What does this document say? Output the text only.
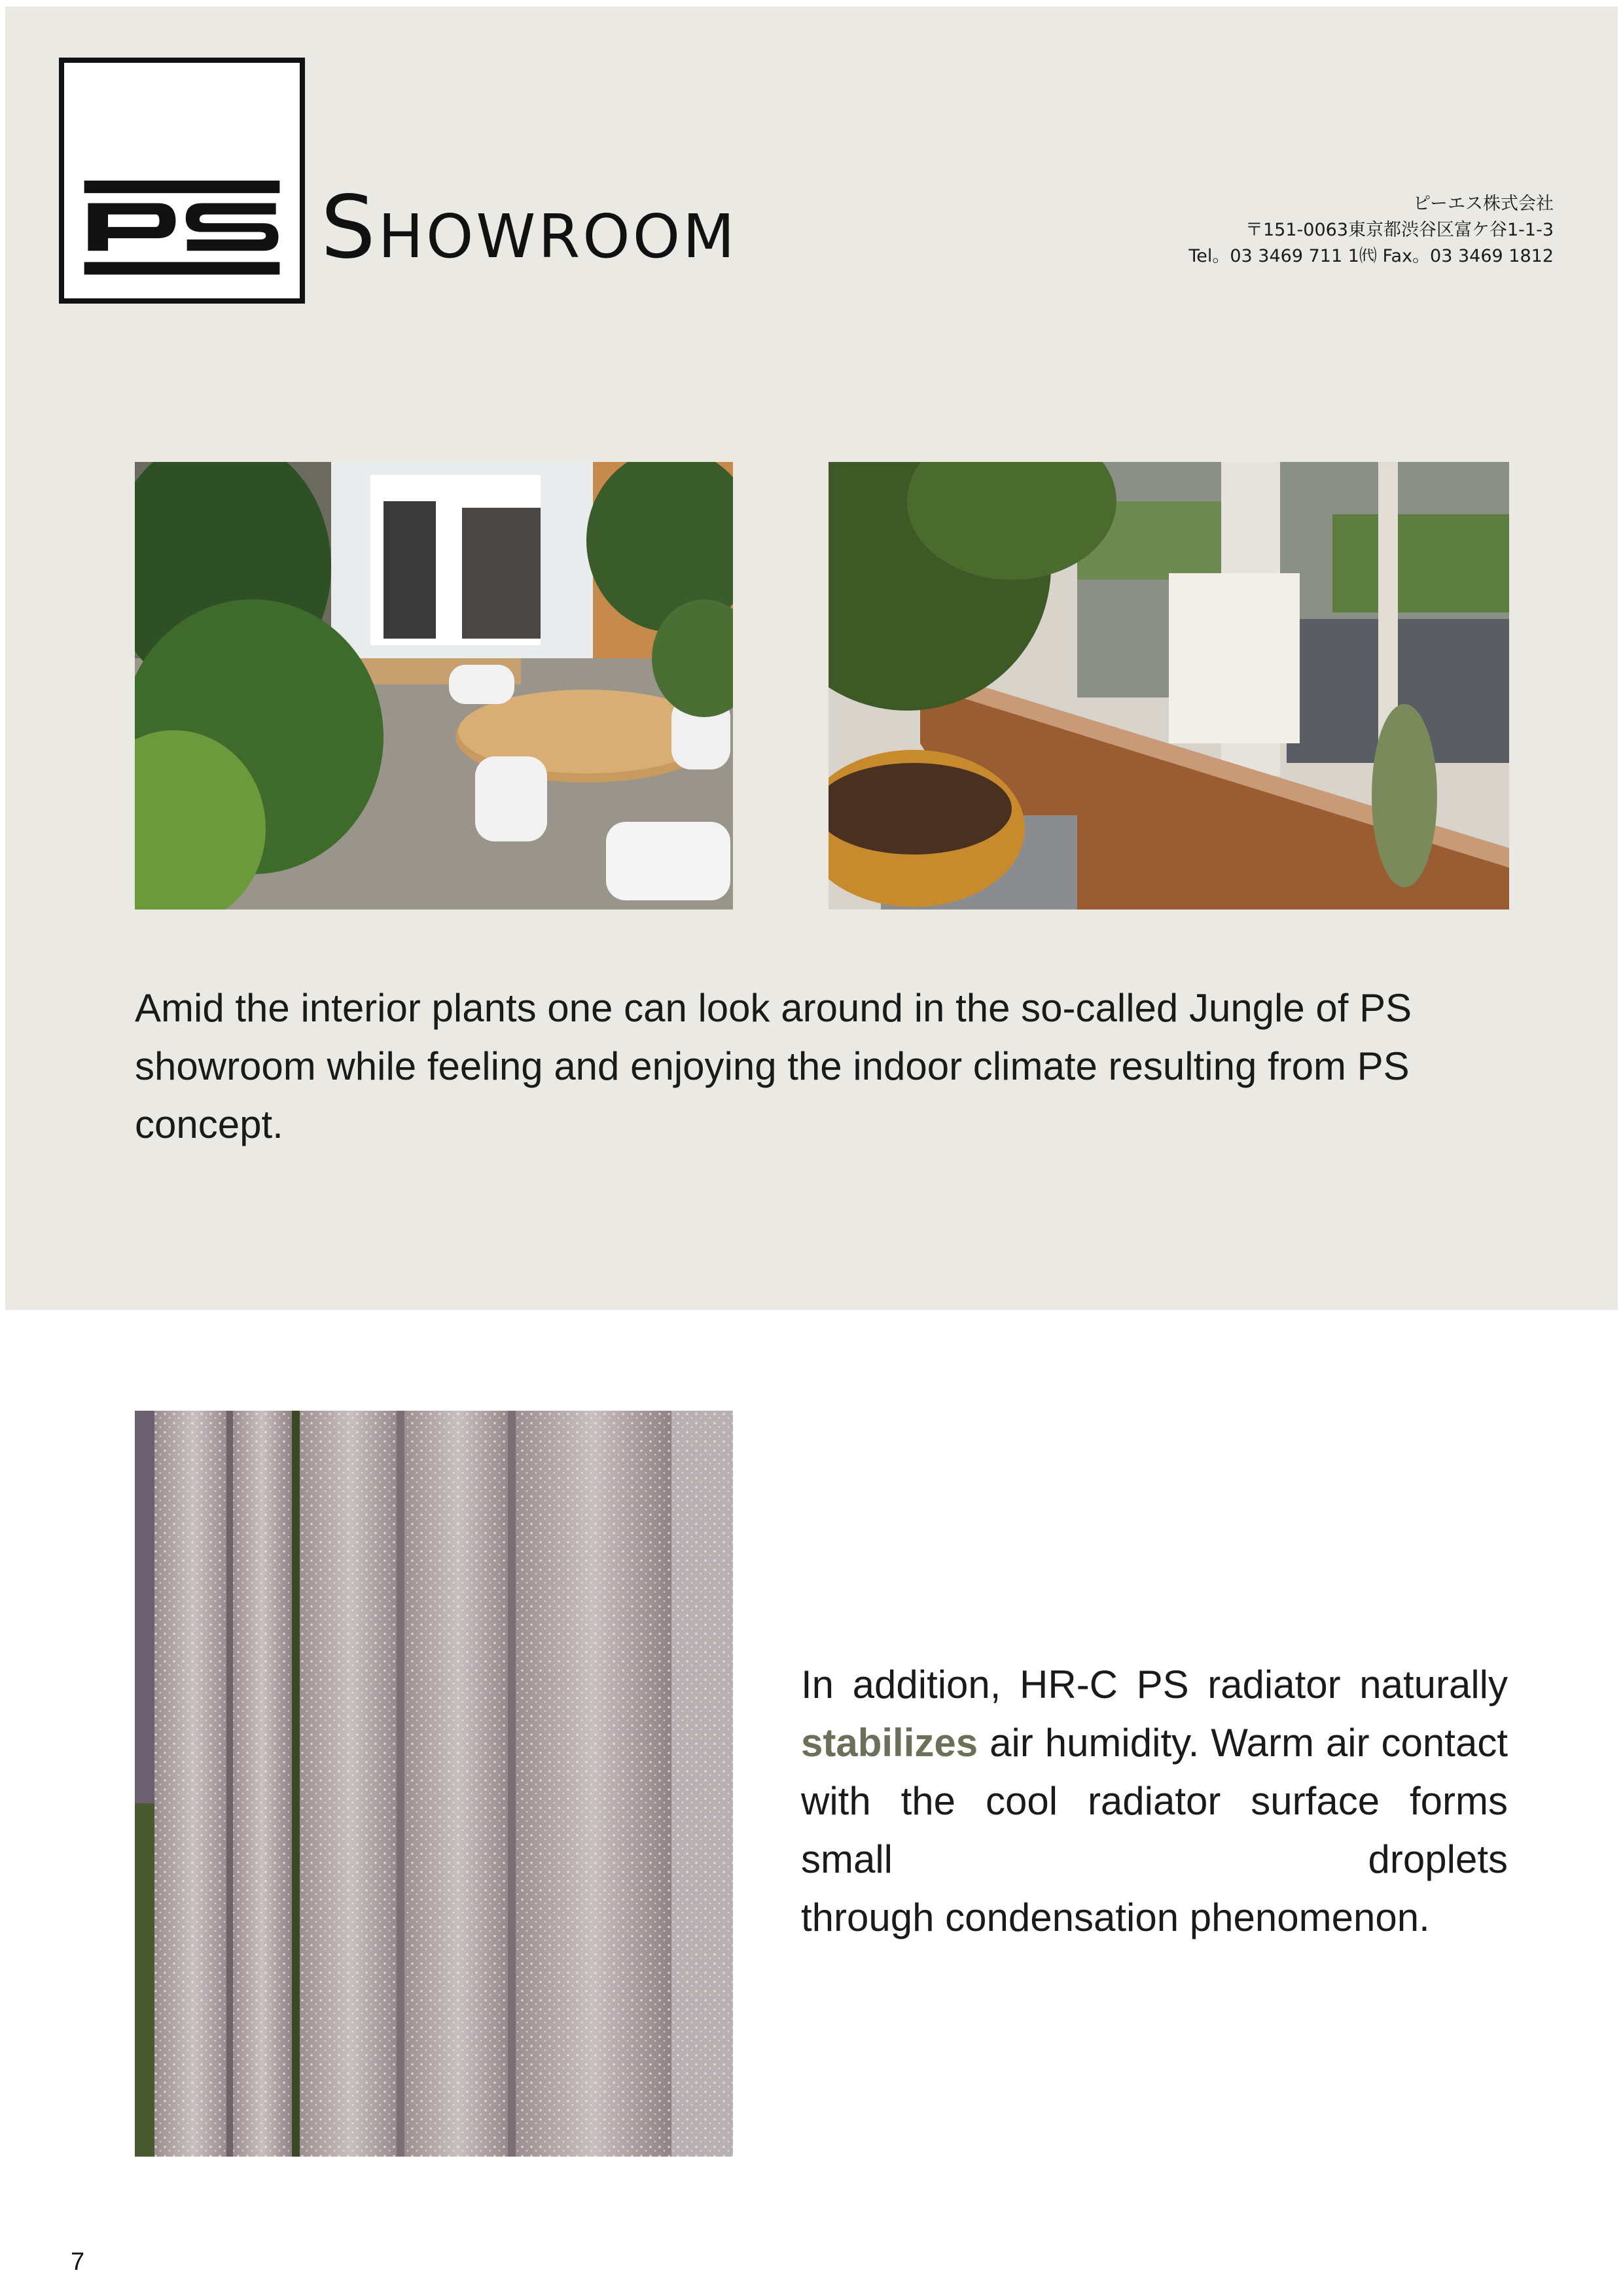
Showroom	ピーエス株式会社
〒151-0063東京都渋谷区富ケ谷1-1-3
Tel。03 3469 711 1㈹ Fax。03 3469 1812
Amid the interior plants one can look around in the so-called Jungle of PS showroom while feeling and enjoying the indoor climate resulting from PS concept.
In addition, HR-C PS radiator naturally stabilizes air humidity. Warm air contact with the cool radiator surface forms small droplets
through condensation phenomenon.
7
